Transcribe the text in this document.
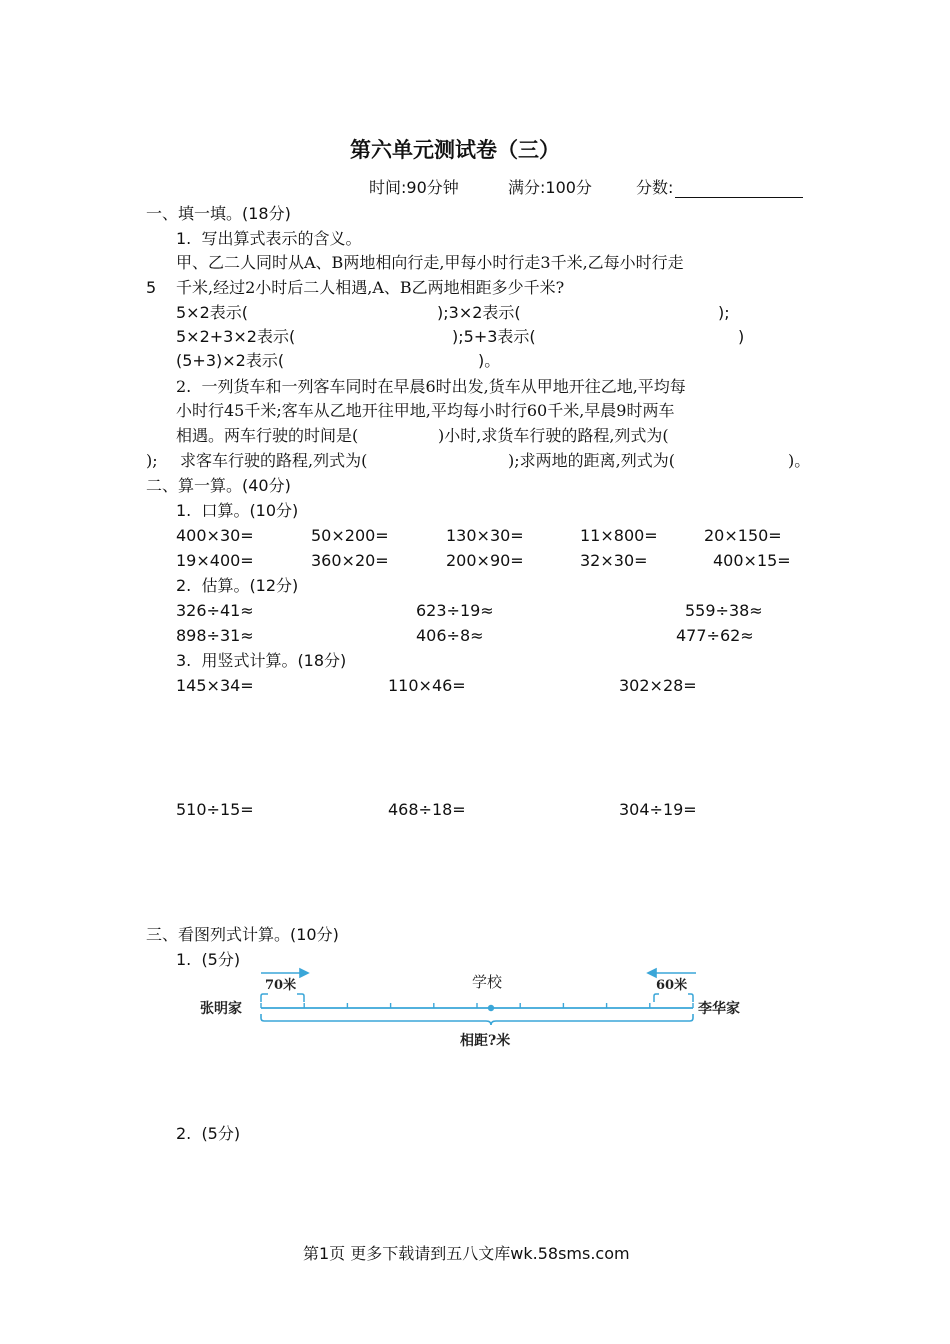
第六单元测试卷（三）
时间:90分钟	满分:100分	分数:
一、填一填。(18分)
1.  写出算式表示的含义。
甲、乙二人同时从A、B两地相向行走,甲每小时行走3千米,乙每小时行走
5 千米,经过2小时后二人相遇,A、B乙两地相距多少千米?
5×2表示(	);3×2表示(	);
5×2+3×2表示(	);5+3表示(	)
(5+3)×2表示(	)。
2.  一列货车和一列客车同时在早晨6时出发,货车从甲地开往乙地,平均每
小时行45千米;客车从乙地开往甲地,平均每小时行60千米,早晨9时两车
相遇。两车行驶的时间是(	)小时,求货车行驶的路程,列式为(
); 求客车行驶的路程,列式为(	);求两地的距离,列式为(	)。
二、算一算。(40分)
1.  口算。(10分)
400×30=	50×200=	130×30=	11×800=	20×150=
19×400=	360×20=	200×90=	32×30=	400×15=
2.  估算。(12分)
326÷41≈	623÷19≈	559÷38≈
898÷31≈	406÷8≈	477÷62≈
3.  用竖式计算。(18分)
145×34=	110×46=	302×28=
510÷15=	468÷18=	304÷19=
三、看图列式计算。(10分)
1.  (5分)
张明家	李华家
学校
70米	60米
相距?米
2.  (5分)
第1页 更多下载请到五八文库wk.58sms.com
